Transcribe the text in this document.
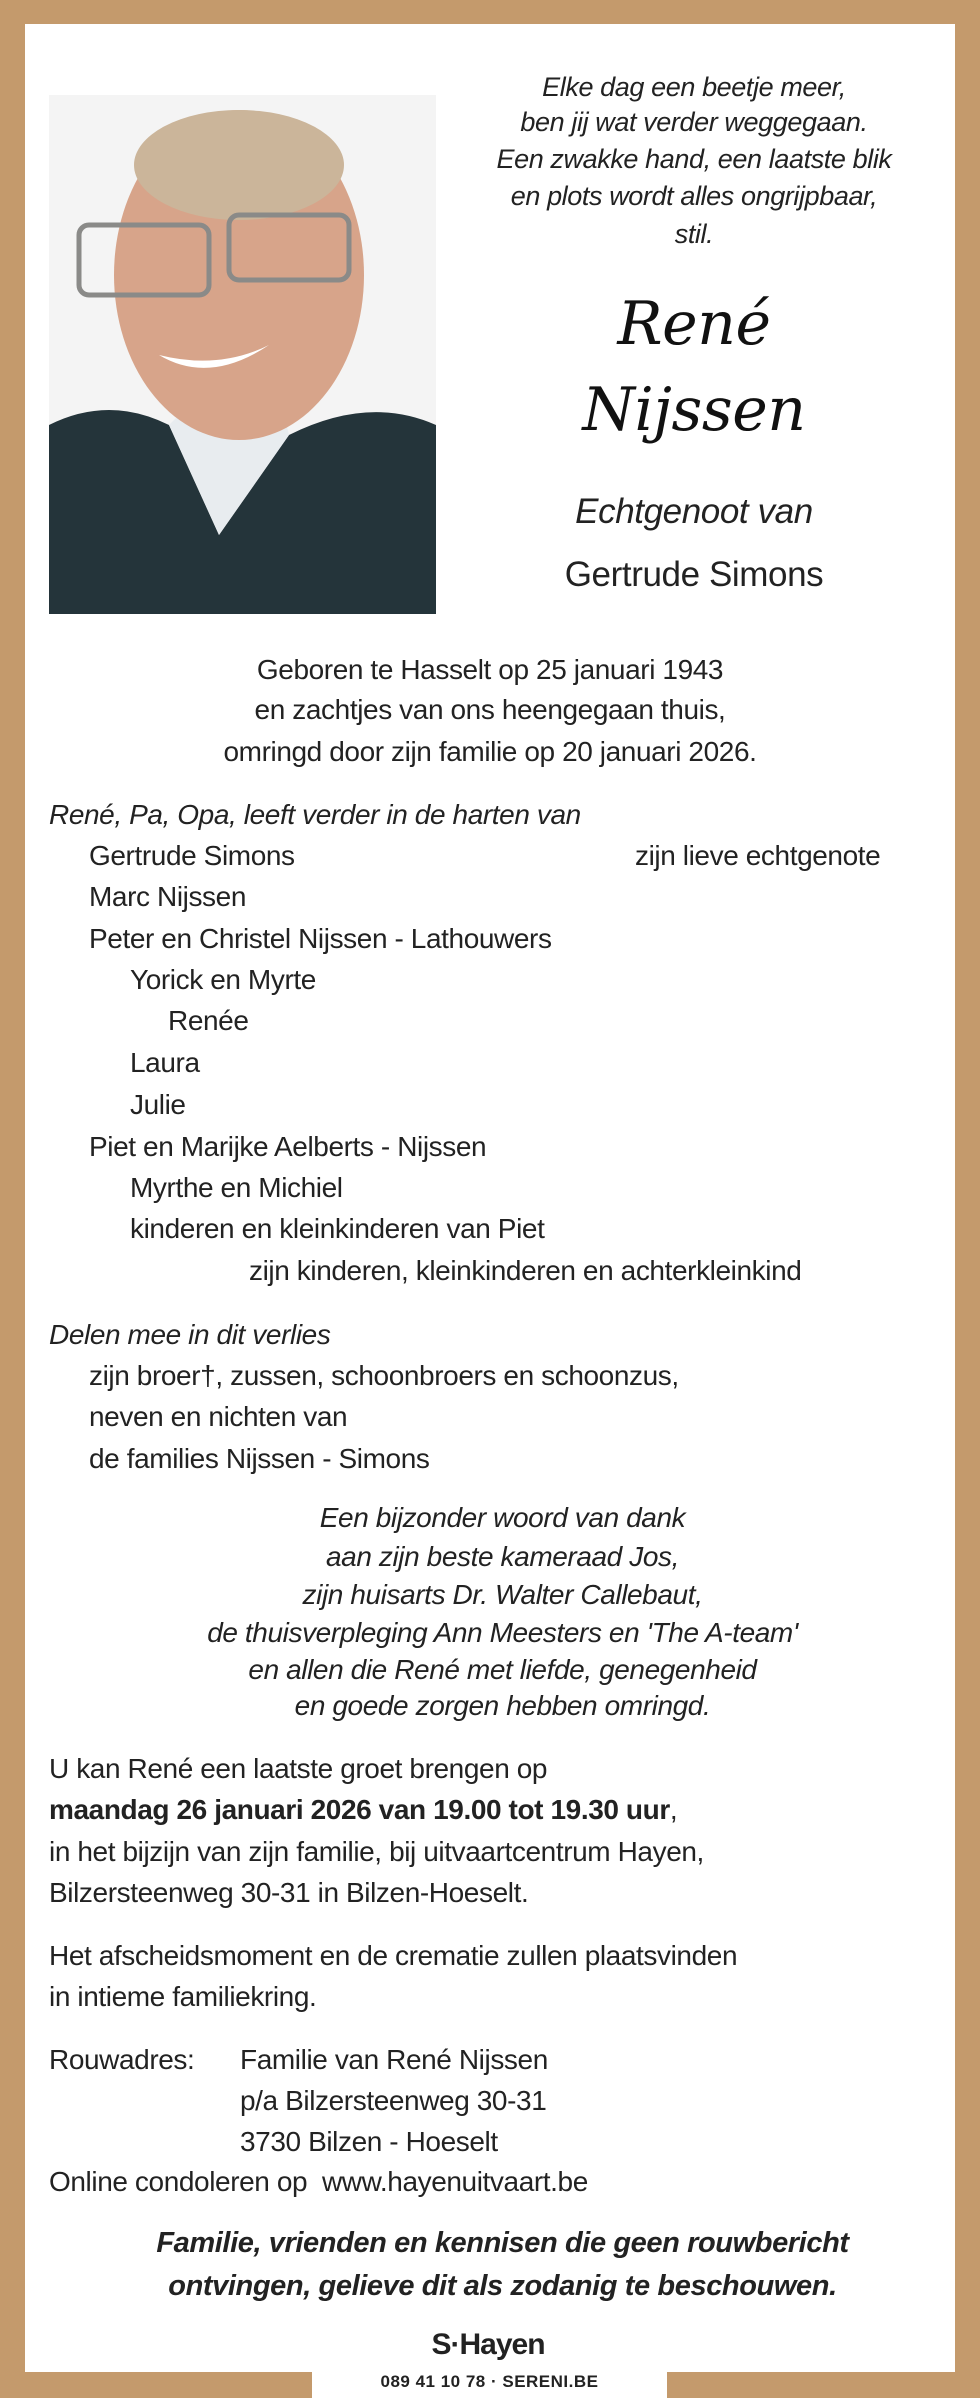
Elke dag een beetje meer,
ben jij wat verder weggegaan.
Een zwakke hand, een laatste blik
en plots wordt alles ongrijpbaar,
stil.
René
Nijssen
Echtgenoot van
Gertrude Simons
Geboren te Hasselt op 25 januari 1943
en zachtjes van ons heengegaan thuis,
omringd door zijn familie op 20 januari 2026.
René, Pa, Opa, leeft verder in de harten van
Gertrude Simons	zijn lieve echtgenote
Marc Nijssen
Peter en Christel Nijssen - Lathouwers
Yorick en Myrte
Renée
Laura
Julie
Piet en Marijke Aelberts - Nijssen
Myrthe en Michiel
kinderen en kleinkinderen van Piet
zijn kinderen, kleinkinderen en achterkleinkind
Delen mee in dit verlies
zijn broer†, zussen, schoonbroers en schoonzus,
neven en nichten van
de families Nijssen - Simons
Een bijzonder woord van dank
aan zijn beste kameraad Jos,
zijn huisarts Dr. Walter Callebaut,
de thuisverpleging Ann Meesters en 'The A-team'
en allen die René met liefde, genegenheid
en goede zorgen hebben omringd.
U kan René een laatste groet brengen op
maandag 26 januari 2026 van 19.00 tot 19.30 uur,
in het bijzijn van zijn familie, bij uitvaartcentrum Hayen,
Bilzersteenweg 30-31 in Bilzen-Hoeselt.
Het afscheidsmoment en de crematie zullen plaatsvinden
in intieme familiekring.
Rouwadres: Familie van René Nijssen
p/a Bilzersteenweg 30-31
3730 Bilzen - Hoeselt
Online condoleren op www.hayenuitvaart.be
Familie, vrienden en kennisen die geen rouwbericht
ontvingen, gelieve dit als zodanig te beschouwen.
S·Hayen
089 41 10 78 · SERENI.BE
